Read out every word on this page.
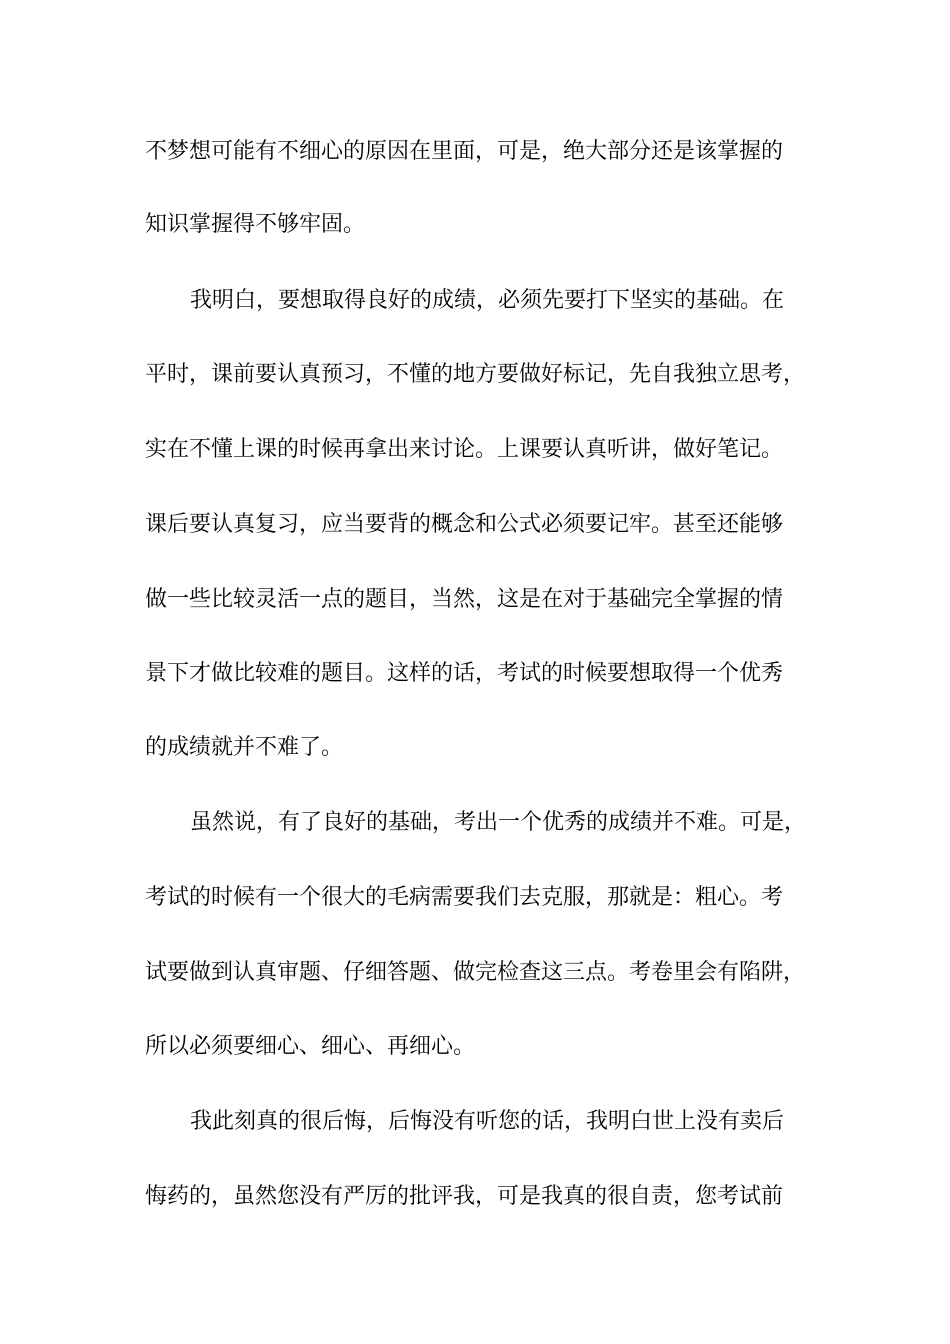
不梦想可能有不细心的原因在里面，可是，绝大部分还是该掌握的
知识掌握得不够牢固。
我明白，要想取得良好的成绩，必须先要打下坚实的基础。在
平时，课前要认真预习，不懂的地方要做好标记，先自我独立思考，
实在不懂上课的时候再拿出来讨论。上课要认真听讲，做好笔记。
课后要认真复习，应当要背的概念和公式必须要记牢。甚至还能够
做一些比较灵活一点的题目，当然，这是在对于基础完全掌握的情
景下才做比较难的题目。这样的话，考试的时候要想取得一个优秀
的成绩就并不难了。
虽然说，有了良好的基础，考出一个优秀的成绩并不难。可是，
考试的时候有一个很大的毛病需要我们去克服，那就是：粗心。考
试要做到认真审题、仔细答题、做完检查这三点。考卷里会有陷阱，
所以必须要细心、细心、再细心。
我此刻真的很后悔，后悔没有听您的话，我明白世上没有卖后
悔药的，虽然您没有严厉的批评我，可是我真的很自责，您考试前
